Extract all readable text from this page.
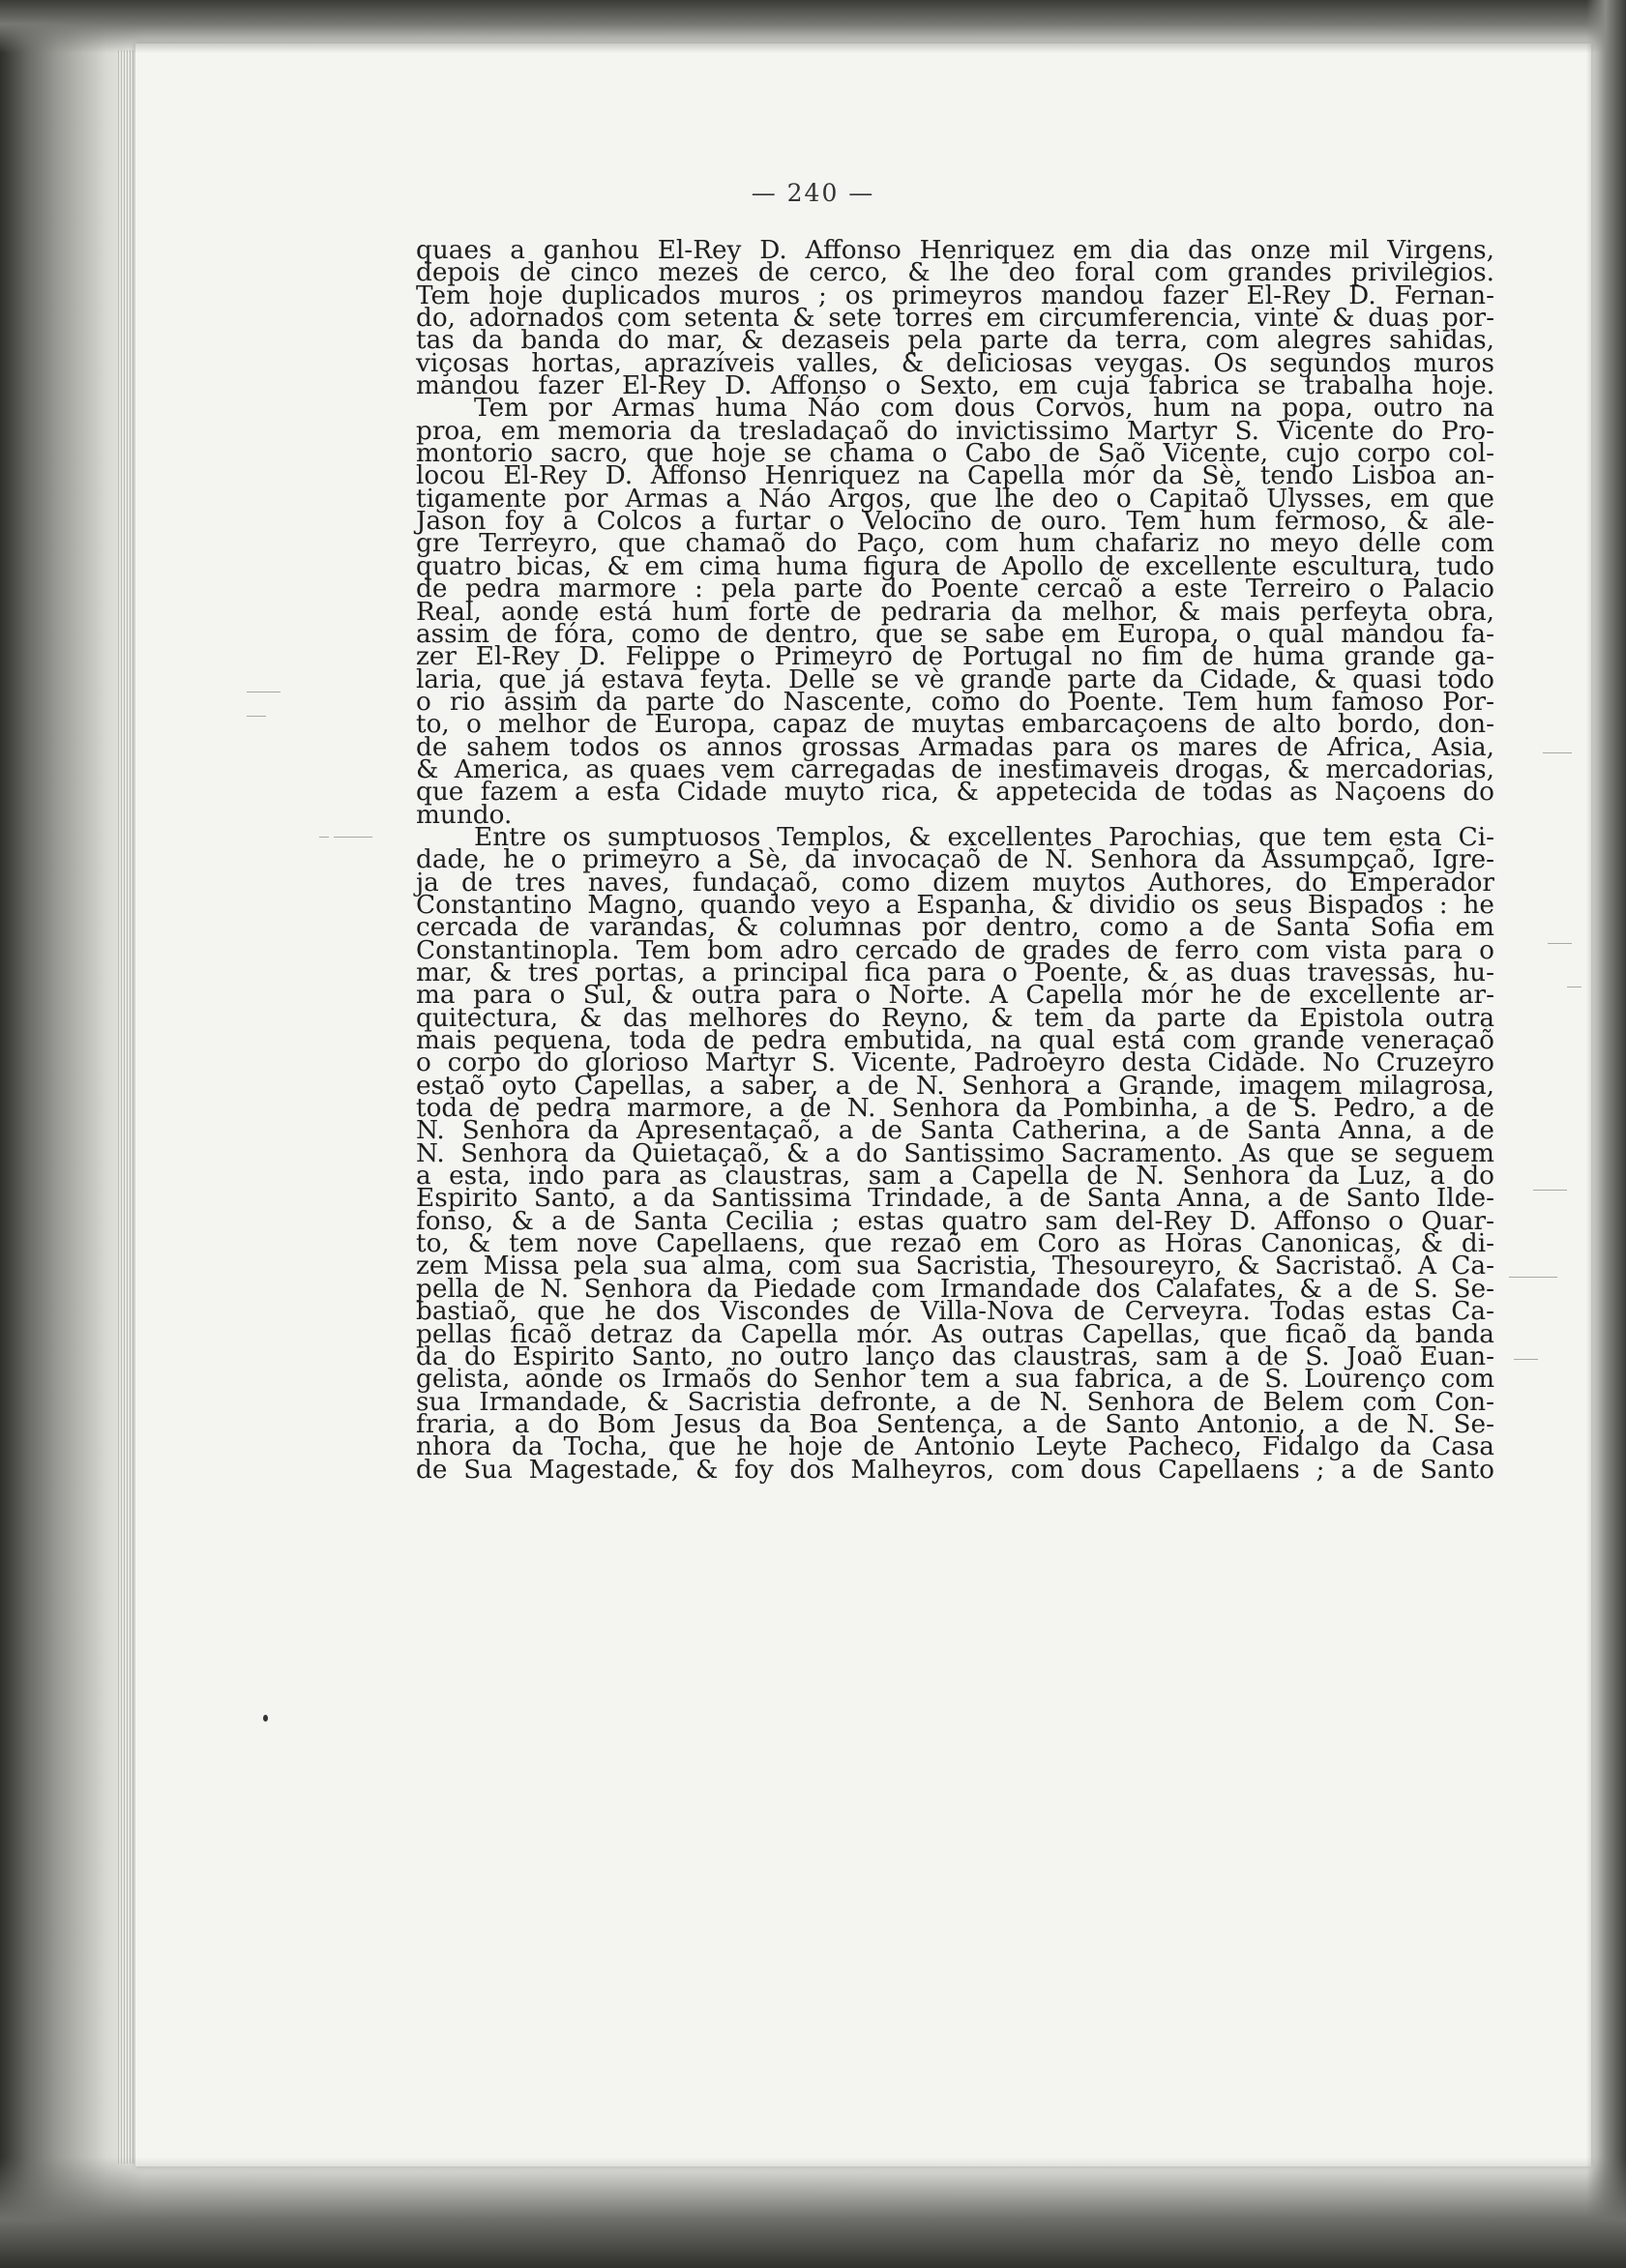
— 240 —
quaes a ganhou El-Rey D. Affonso Henriquez em dia das onze mil Virgens,
depois de cinco mezes de cerco, & lhe deo foral com grandes privilegios.
Tem hoje duplicados muros ; os primeyros mandou fazer El-Rey D. Fernan-
do, adornados com setenta & sete torres em circumferencia, vinte & duas por-
tas da banda do mar, & dezaseis pela parte da terra, com alegres sahidas,
viçosas hortas, aprazíveis valles, & deliciosas veygas. Os segundos muros
mandou fazer El-Rey D. Affonso o Sexto, em cuja fabrica se trabalha hoje.
Tem por Armas huma Náo com dous Corvos, hum na popa, outro na
proa, em memoria da tresladaçaõ do invictissimo Martyr S. Vicente do Pro-
montorio sacro, que hoje se chama o Cabo de Saõ Vicente, cujo corpo col-
locou El-Rey D. Affonso Henriquez na Capella mór da Sè, tendo Lisboa an-
tigamente por Armas a Náo Argos, que lhe deo o Capitaõ Ulysses, em que
Jason foy a Colcos a furtar o Velocino de ouro. Tem hum fermoso, & ale-
gre Terreyro, que chamaõ do Paço, com hum chafariz no meyo delle com
quatro bicas, & em cima huma figura de Apollo de excellente escultura, tudo
de pedra marmore : pela parte do Poente cercaõ a este Terreiro o Palacio
Real, aonde está hum forte de pedraria da melhor, & mais perfeyta obra,
assim de fóra, como de dentro, que se sabe em Europa, o qual mandou fa-
zer El-Rey D. Felippe o Primeyro de Portugal no fim de huma grande ga-
laria, que já estava feyta. Delle se vè grande parte da Cidade, & quasi todo
o rio assim da parte do Nascente, como do Poente. Tem hum famoso Por-
to, o melhor de Europa, capaz de muytas embarcaçoens de alto bordo, don-
de sahem todos os annos grossas Armadas para os mares de Africa, Asia,
& America, as quaes vem carregadas de inestimaveis drogas, & mercadorias,
que fazem a esta Cidade muyto rica, & appetecida de todas as Naçoens do
mundo.
Entre os sumptuosos Templos, & excellentes Parochias, que tem esta Ci-
dade, he o primeyro a Sè, da invocaçaõ de N. Senhora da Assumpçaõ, Igre-
ja de tres naves, fundaçaõ, como dizem muytos Authores, do Emperador
Constantino Magno, quando veyo a Espanha, & dividio os seus Bispados : he
cercada de varandas, & columnas por dentro, como a de Santa Sofia em
Constantinopla. Tem bom adro cercado de grades de ferro com vista para o
mar, & tres portas, a principal fica para o Poente, & as duas travessas, hu-
ma para o Sul, & outra para o Norte. A Capella mór he de excellente ar-
quitectura, & das melhores do Reyno, & tem da parte da Epistola outra
mais pequena, toda de pedra embutida, na qual está com grande veneraçaõ
o corpo do glorioso Martyr S. Vicente, Padroeyro desta Cidade. No Cruzeyro
estaõ oyto Capellas, a saber, a de N. Senhora a Grande, imagem milagrosa,
toda de pedra marmore, a de N. Senhora da Pombinha, a de S. Pedro, a de
N. Senhora da Apresentaçaõ, a de Santa Catherina, a de Santa Anna, a de
N. Senhora da Quietaçaõ, & a do Santissimo Sacramento. As que se seguem
a esta, indo para as claustras, sam a Capella de N. Senhora da Luz, a do
Espirito Santo, a da Santissima Trindade, a de Santa Anna, a de Santo Ilde-
fonso, & a de Santa Cecilia ; estas quatro sam del-Rey D. Affonso o Quar-
to, & tem nove Capellaens, que rezaõ em Coro as Horas Canonicas, & di-
zem Missa pela sua alma, com sua Sacristia, Thesoureyro, & Sacristaõ. A Ca-
pella de N. Senhora da Piedade com Irmandade dos Calafates, & a de S. Se-
bastiaõ, que he dos Viscondes de Villa-Nova de Cerveyra. Todas estas Ca-
pellas ficaõ detraz da Capella mór. As outras Capellas, que ficaõ da banda
da do Espirito Santo, no outro lanço das claustras, sam a de S. Joaõ Euan-
gelista, aonde os Irmaõs do Senhor tem a sua fabrica, a de S. Lourenço com
sua Irmandade, & Sacristia defronte, a de N. Senhora de Belem com Con-
fraria, a do Bom Jesus da Boa Sentença, a de Santo Antonio, a de N. Se-
nhora da Tocha, que he hoje de Antonio Leyte Pacheco, Fidalgo da Casa
de Sua Magestade, & foy dos Malheyros, com dous Capellaens ; a de Santo
